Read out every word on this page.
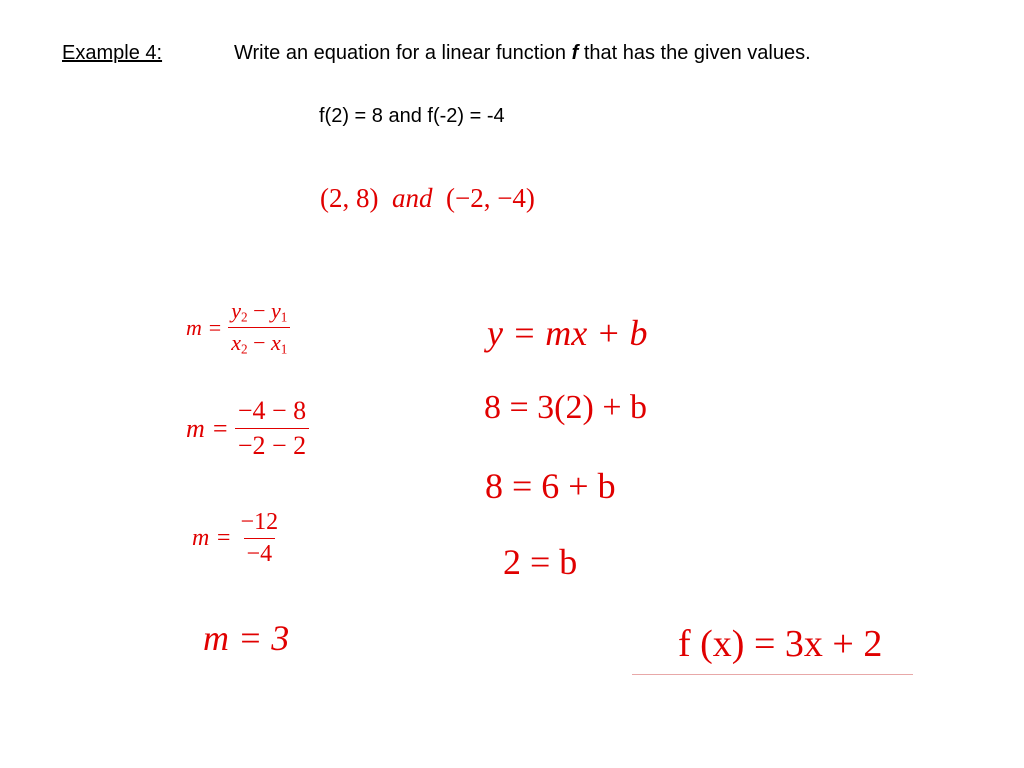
Example 4:	Write an equation for a linear function f that has the given values.
f(2) = 8 and f(-2) = -4
(2, 8) and (−2, −4)
$m = \frac{y_2 - y_1}{x_2 - x_1}$
$m = \frac{-4 - 8}{-2 - 2}$
$m = \frac{-12}{-4}$
m = 3
y = mx + b
8 = 3(2) + b
8 = 6 + b
2 = b
f (x) = 3x + 2
